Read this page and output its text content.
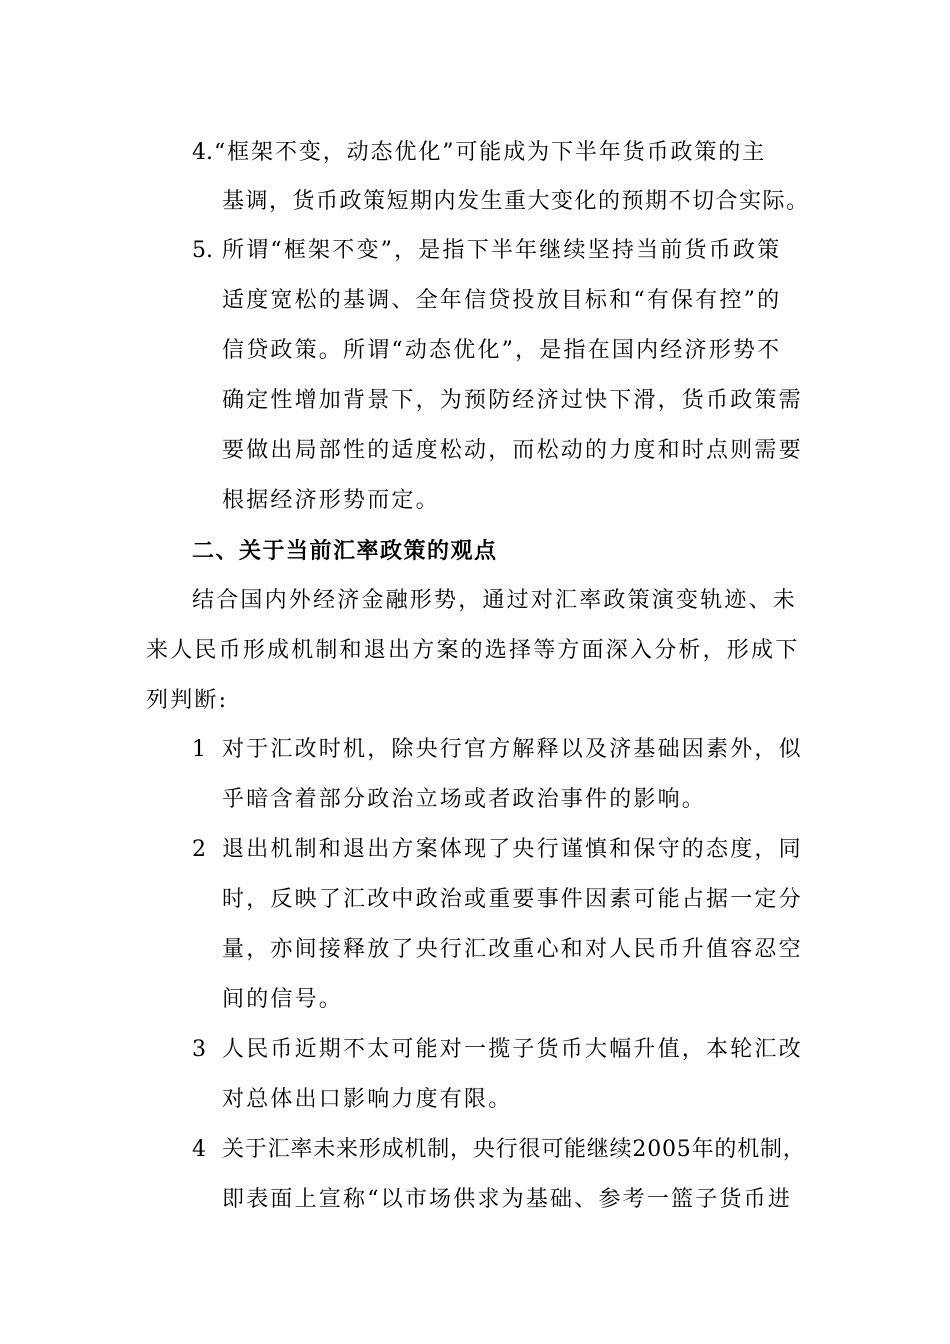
4. “框架不变，动态优化”可能成为下半年货币政策的主
基调，货币政策短期内发生重大变化的预期不切合实际。
5. 所谓“框架不变”，是指下半年继续坚持当前货币政策
适度宽松的基调、全年信贷投放目标和“有保有控”的
信贷政策。所谓“动态优化”，是指在国内经济形势不
确定性增加背景下，为预防经济过快下滑，货币政策需
要做出局部性的适度松动，而松动的力度和时点则需要
根据经济形势而定。
二、关于当前汇率政策的观点
结合国内外经济金融形势，通过对汇率政策演变轨迹、未
来人民币形成机制和退出方案的选择等方面深入分析，形成下
列判断:
1 对于汇改时机，除央行官方解释以及济基础因素外，似
乎暗含着部分政治立场或者政治事件的影响。
2 退出机制和退出方案体现了央行谨慎和保守的态度，同
时，反映了汇改中政治或重要事件因素可能占据一定分
量，亦间接释放了央行汇改重心和对人民币升值容忍空
间的信号。
3 人民币近期不太可能对一揽子货币大幅升值，本轮汇改
对总体出口影响力度有限。
4 关于汇率未来形成机制，央行很可能继续2005年的机制，
即表面上宣称“以市场供求为基础、参考一篮子货币进
